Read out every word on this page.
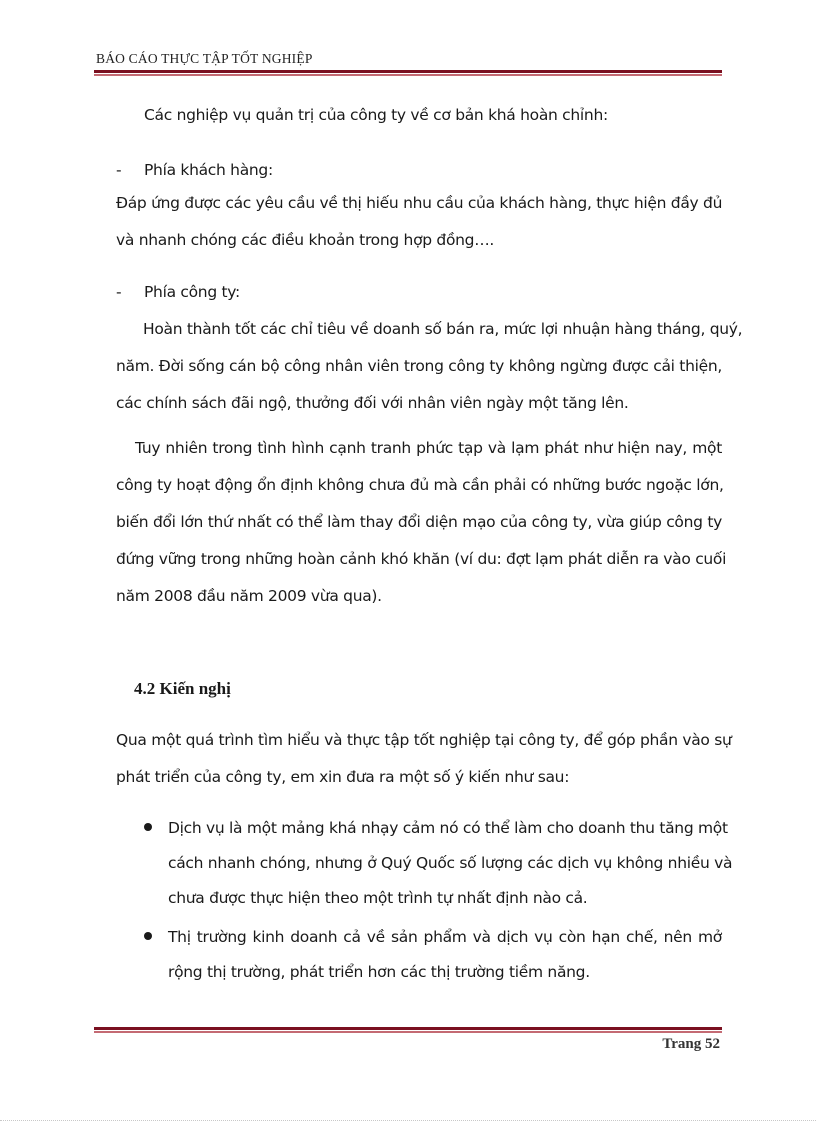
BÁO CÁO THỰC TẬP TỐT NGHIỆP
Các nghiệp vụ quản trị của công ty về cơ bản khá hoàn chỉnh:
- Phía khách hàng:
Đáp ứng được các yêu cầu về thị hiếu nhu cầu của khách hàng, thực hiện đầy đủ
và nhanh chóng các điều khoản trong hợp đồng….
- Phía công ty:
Hoàn thành tốt các chỉ tiêu về doanh số bán ra, mức lợi nhuận hàng tháng, quý,
năm. Đời sống cán bộ công nhân viên trong công ty không ngừng được cải thiện,
các chính sách đãi ngộ, thưởng đối với nhân viên ngày một tăng lên.
Tuy nhiên trong tình hình cạnh tranh phức tạp và lạm phát như hiện nay, một
công ty hoạt động ổn định không chưa đủ mà cần phải có những bước ngoặc lớn,
biến đổi lớn thứ nhất có thể làm thay đổi diện mạo của công ty, vừa giúp công ty
đứng vững trong những hoàn cảnh khó khăn (ví du: đợt lạm phát diễn ra vào cuối
năm 2008 đầu năm 2009 vừa qua).
4.2 Kiến nghị
Qua một quá trình tìm hiểu và thực tập tốt nghiệp tại công ty, để góp phần vào sự
phát triển của công ty, em xin đưa ra một số ý kiến như sau:
Dịch vụ là một mảng khá nhạy cảm nó có thể làm cho doanh thu tăng một
cách nhanh chóng, nhưng ở Quý Quốc số lượng các dịch vụ không nhiều và
chưa được thực hiện theo một trình tự nhất định nào cả.
Thị trường kinh doanh cả về sản phẩm và dịch vụ còn hạn chế, nên mở
rộng thị trường, phát triển hơn các thị trường tiềm năng.
Trang 52
